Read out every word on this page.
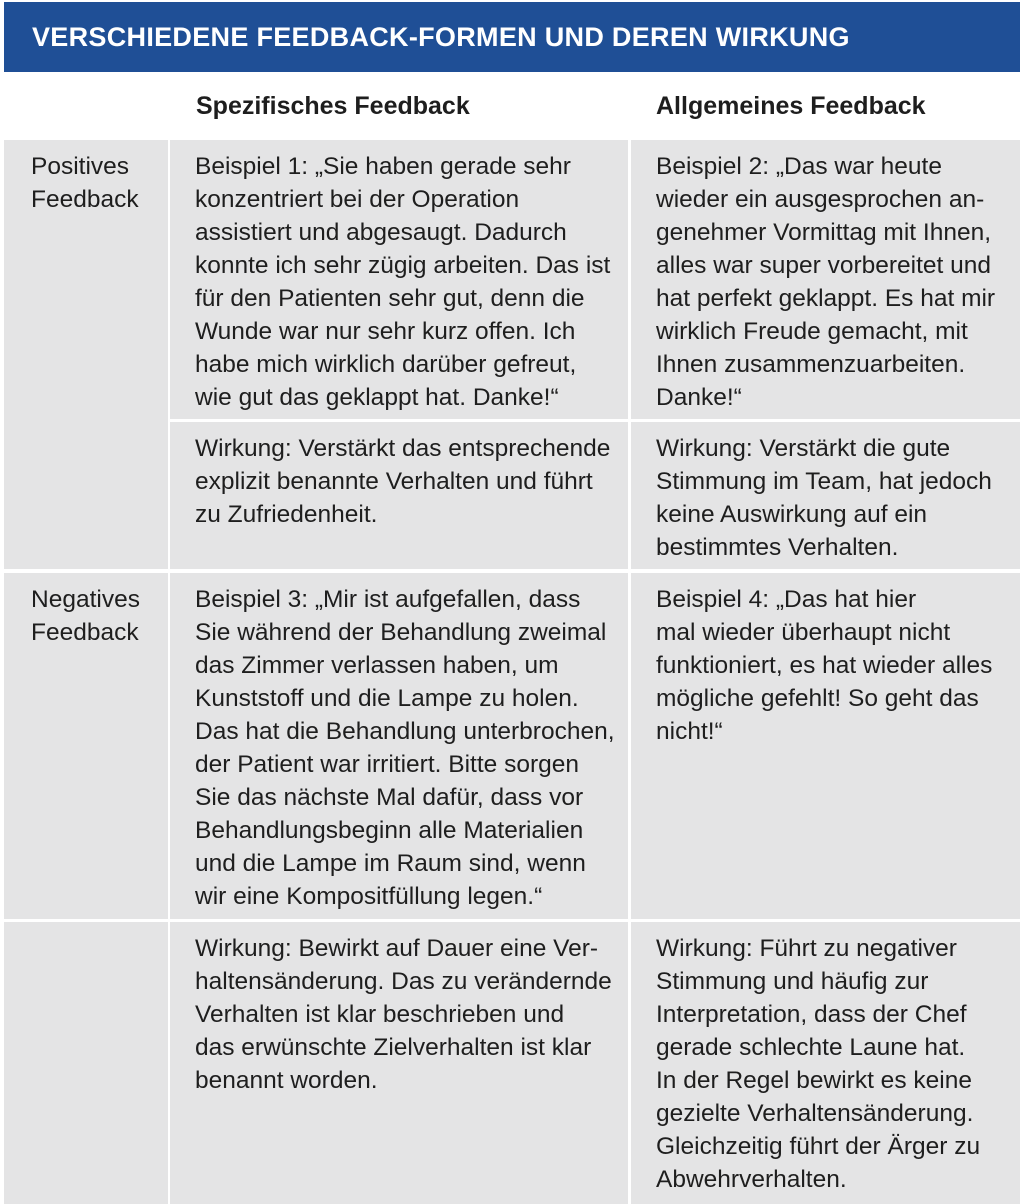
VERSCHIEDENE FEEDBACK-FORMEN UND DEREN WIRKUNG
Spezifisches Feedback	Allgemeines Feedback
Positives
Feedback
Negatives
Feedback
Beispiel 1: „Sie haben gerade sehr
konzentriert bei der Operation
assistiert und abgesaugt. Dadurch
konnte ich sehr zügig arbeiten. Das ist
für den Patienten sehr gut, denn die
Wunde war nur sehr kurz offen. Ich
habe mich wirklich darüber gefreut,
wie gut das geklappt hat. Danke!“
Beispiel 2: „Das war heute
wieder ein ausgesprochen an-
genehmer Vormittag mit Ihnen,
alles war super vorbereitet und
hat perfekt geklappt. Es hat mir
wirklich Freude gemacht, mit
Ihnen zusammenzuarbeiten.
Danke!“
Wirkung: Verstärkt das entsprechende
explizit benannte Verhalten und führt
zu Zufriedenheit.
Wirkung: Verstärkt die gute
Stimmung im Team, hat jedoch
keine Auswirkung auf ein
bestimmtes Verhalten.
Beispiel 3: „Mir ist aufgefallen, dass
Sie während der Behandlung zweimal
das Zimmer verlassen haben, um
Kunststoff und die Lampe zu holen.
Das hat die Behandlung unterbrochen,
der Patient war irritiert. Bitte sorgen
Sie das nächste Mal dafür, dass vor
Behandlungsbeginn alle Materialien
und die Lampe im Raum sind, wenn
wir eine Kompositfüllung legen.“
Beispiel 4: „Das hat hier
mal wieder überhaupt nicht
funktioniert, es hat wieder alles
mögliche gefehlt! So geht das
nicht!“
Wirkung: Bewirkt auf Dauer eine Ver-
haltensänderung. Das zu verändernde
Verhalten ist klar beschrieben und
das erwünschte Zielverhalten ist klar
benannt worden.
Wirkung: Führt zu negativer
Stimmung und häufig zur
Interpretation, dass der Chef
gerade schlechte Laune hat.
In der Regel bewirkt es keine
gezielte Verhaltensänderung.
Gleichzeitig führt der Ärger zu
Abwehrverhalten.
